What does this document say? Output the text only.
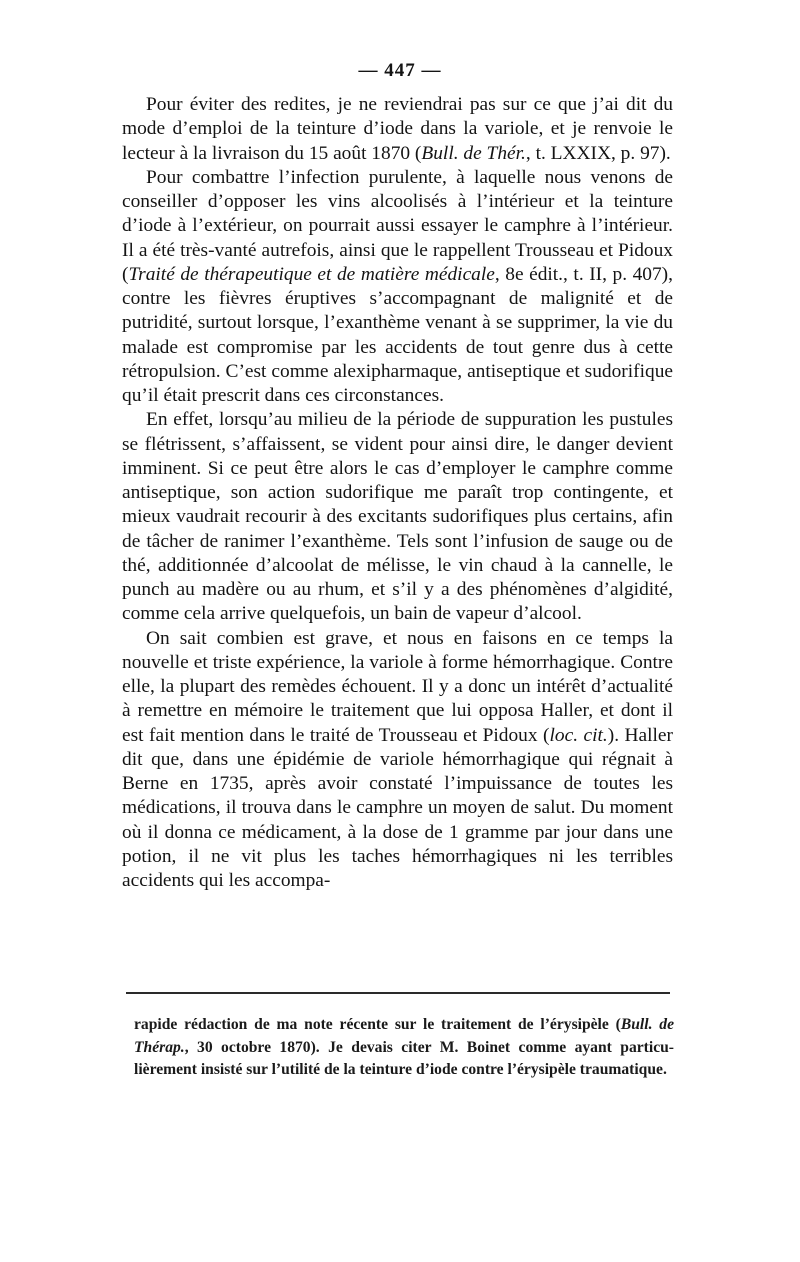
— 447 —

Pour éviter des redites, je ne reviendrai pas sur ce que j’ai dit du mode d’emploi de la teinture d’iode dans la variole, et je renvoie le lecteur à la livraison du 15 août 1870 (Bull. de Thér., t. LXXIX, p. 97).

Pour combattre l’infection purulente, à laquelle nous venons de conseiller d’opposer les vins alcoolisés à l’intérieur et la teinture d’iode à l’extérieur, on pourrait aussi essayer le camphre à l’intérieur. Il a été très-vanté autrefois, ainsi que le rappellent Trousseau et Pidoux (Traité de thérapeutique et de matière médicale, 8e édit., t. II, p. 407), contre les fièvres éruptives s’accompagnant de malignité et de putridité, surtout lorsque, l’exanthème venant à se supprimer, la vie du malade est compromise par les accidents de tout genre dus à cette rétropulsion. C’est comme alexipharmaque, antiseptique et sudorifique qu’il était prescrit dans ces circonstances.

En effet, lorsqu’au milieu de la période de suppuration les pustules se flétrissent, s’affaissent, se vident pour ainsi dire, le danger devient imminent. Si ce peut être alors le cas d’employer le camphre comme antiseptique, son action sudorifique me paraît trop contingente, et mieux vaudrait recourir à des excitants sudorifiques plus certains, afin de tâcher de ranimer l’exanthème. Tels sont l’infusion de sauge ou de thé, additionnée d’alcoolat de mélisse, le vin chaud à la cannelle, le punch au madère ou au rhum, et s’il y a des phénomènes d’algidité, comme cela arrive quelquefois, un bain de vapeur d’alcool.

On sait combien est grave, et nous en faisons en ce temps la nouvelle et triste expérience, la variole à forme hémorrhagique. Contre elle, la plupart des remèdes échouent. Il y a donc un intérêt d’actualité à remettre en mémoire le traitement que lui opposa Haller, et dont il est fait mention dans le traité de Trousseau et Pidoux (loc. cit.). Haller dit que, dans une épidémie de variole hémorrhagique qui régnait à Berne en 1735, après avoir constaté l’impuissance de toutes les médications, il trouva dans le camphre un moyen de salut. Du moment où il donna ce médicament, à la dose de 1 gramme par jour dans une potion, il ne vit plus les taches hémorrhagiques ni les terribles accidents qui les accompa-

rapide rédaction de ma note récente sur le traitement de l’érysipèle (Bull. de Thérap., 30 octobre 1870). Je devais citer M. Boinet comme ayant particulièrement insisté sur l’utilité de la teinture d’iode contre l’érysipèle traumatique.
